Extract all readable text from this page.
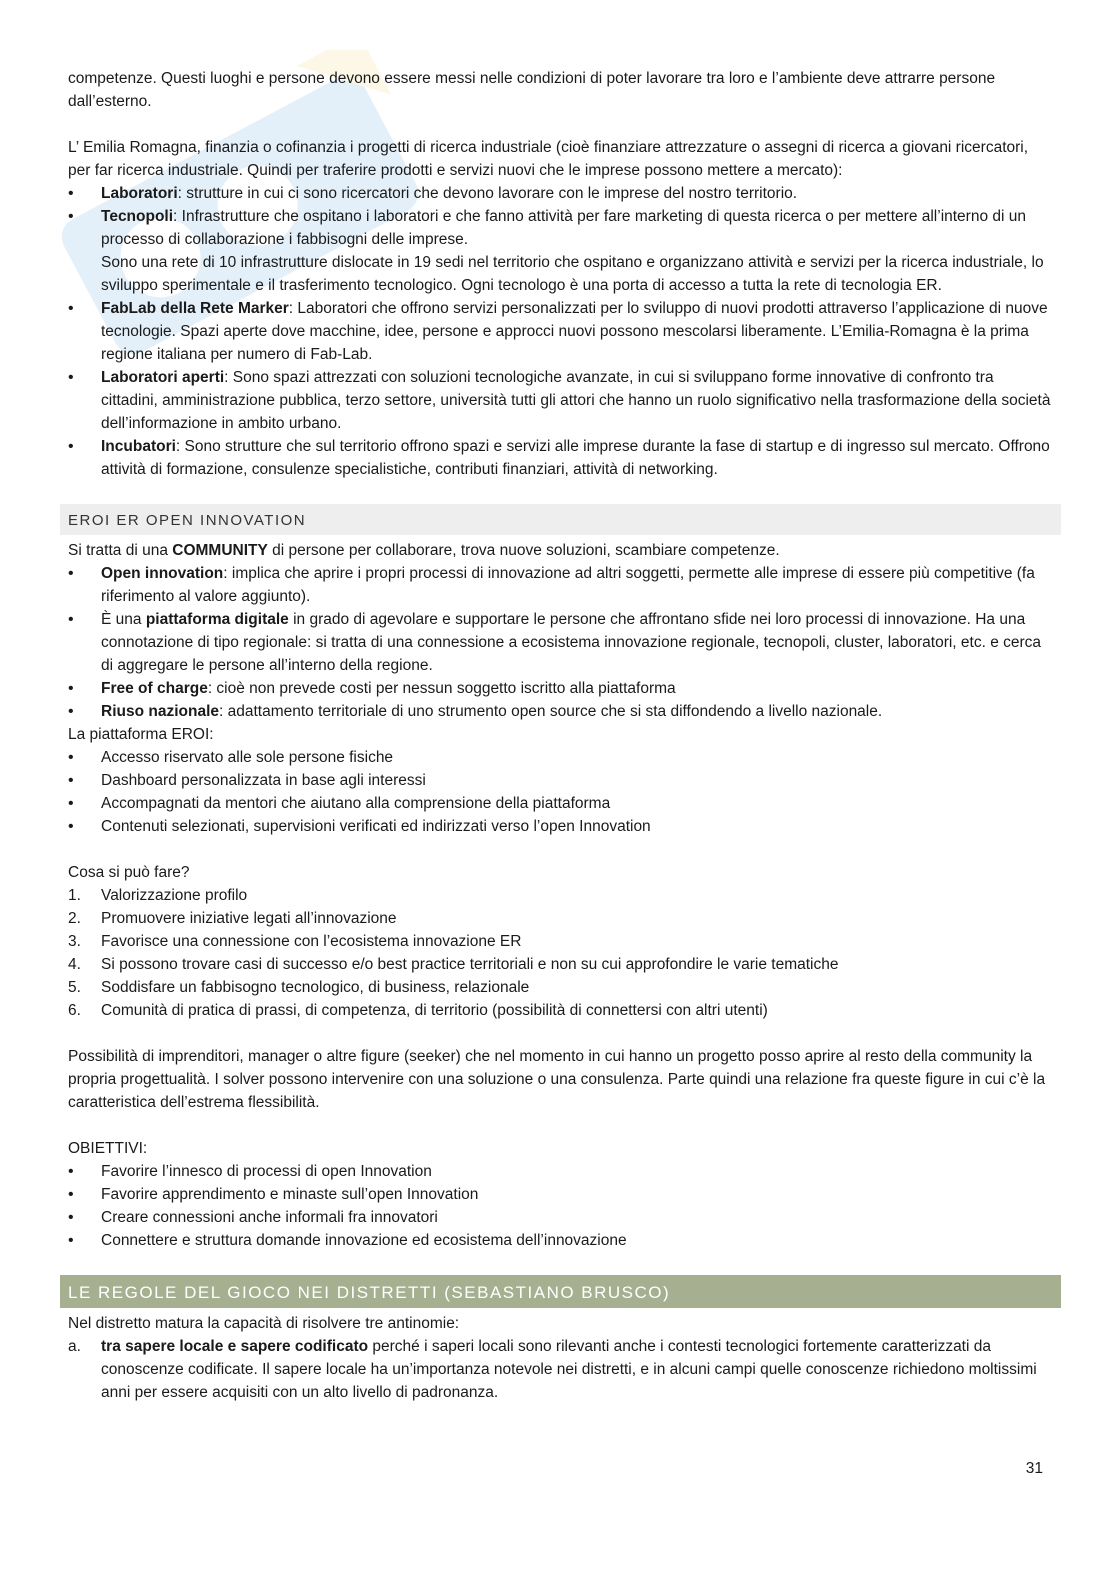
competenze. Questi luoghi e persone devono essere messi nelle condizioni di poter lavorare tra loro e l’ambiente deve attrarre persone dall’esterno.

L’ Emilia Romagna, finanzia o cofinanzia i progetti di ricerca industriale (cioè finanziare attrezzature o assegni di ricerca a giovani ricercatori, per far ricerca industriale. Quindi per traferire prodotti e servizi nuovi che le imprese possono mettere a mercato):

• Laboratori: strutture in cui ci sono ricercatori che devono lavorare con le imprese del nostro territorio.
• Tecnopoli: Infrastrutture che ospitano i laboratori e che fanno attività per fare marketing di questa ricerca o per mettere all’interno di un processo di collaborazione i fabbisogni delle imprese.
Sono una rete di 10 infrastrutture dislocate in 19 sedi nel territorio che ospitano e organizzano attività e servizi per la ricerca industriale, lo sviluppo sperimentale e il trasferimento tecnologico. Ogni tecnologo è una porta di accesso a tutta la rete di tecnologia ER.
• FabLab della Rete Marker: Laboratori che offrono servizi personalizzati per lo sviluppo di nuovi prodotti attraverso l’applicazione di nuove tecnologie. Spazi aperte dove macchine, idee, persone e approcci nuovi possono mescolarsi liberamente. L’Emilia-Romagna è la prima regione italiana per numero di Fab-Lab.
• Laboratori aperti: Sono spazi attrezzati con soluzioni tecnologiche avanzate, in cui si sviluppano forme innovative di confronto tra cittadini, amministrazione pubblica, terzo settore, università tutti gli attori che hanno un ruolo significativo nella trasformazione della società dell’informazione in ambito urbano.
• Incubatori: Sono strutture che sul territorio offrono spazi e servizi alle imprese durante la fase di startup e di ingresso sul mercato. Offrono attività di formazione, consulenze specialistiche, contributi finanziari, attività di networking.
EROI ER OPEN INNOVATION

Si tratta di una COMMUNITY di persone per collaborare, trova nuove soluzioni, scambiare competenze.

• Open innovation: implica che aprire i propri processi di innovazione ad altri soggetti, permette alle imprese di essere più competitive (fa riferimento al valore aggiunto).
• È una piattaforma digitale in grado di agevolare e supportare le persone che affrontano sfide nei loro processi di innovazione. Ha una connotazione di tipo regionale: si tratta di una connessione a ecosistema innovazione regionale, tecnopoli, cluster, laboratori, etc. e cerca di aggregare le persone all’interno della regione.
• Free of charge: cioè non prevede costi per nessun soggetto iscritto alla piattaforma
• Riuso nazionale: adattamento territoriale di uno strumento open source che si sta diffondendo a livello nazionale.

La piattaforma EROI:

• Accesso riservato alle sole persone fisiche
• Dashboard personalizzata in base agli interessi
• Accompagnati da mentori che aiutano alla comprensione della piattaforma
• Contenuti selezionati, supervisioni verificati ed indirizzati verso l’open Innovation

Cosa si può fare?

1. Valorizzazione profilo
2. Promuovere iniziative legati all’innovazione
3. Favorisce una connessione con l’ecosistema innovazione ER
4. Si possono trovare casi di successo e/o best practice territoriali e non su cui approfondire le varie tematiche
5. Soddisfare un fabbisogno tecnologico, di business, relazionale
6. Comunità di pratica di prassi, di competenza, di territorio (possibilità di connettersi con altri utenti)

Possibilità di imprenditori, manager o altre figure (seeker) che nel momento in cui hanno un progetto posso aprire al resto della community la propria progettualità. I solver possono intervenire con una soluzione o una consulenza. Parte quindi una relazione fra queste figure in cui c’è la caratteristica dell’estrema flessibilità.

OBIETTIVI:

• Favorire l’innesco di processi di open Innovation
• Favorire apprendimento e minaste sull’open Innovation
• Creare connessioni anche informali fra innovatori
• Connettere e struttura domande innovazione ed ecosistema dell’innovazione
LE REGOLE DEL GIOCO NEI DISTRETTI (SEBASTIANO BRUSCO)

Nel distretto matura la capacità di risolvere tre antinomie:

a. tra sapere locale e sapere codificato perché i saperi locali sono rilevanti anche i contesti tecnologici fortemente caratterizzati da conoscenze codificate. Il sapere locale ha un’importanza notevole nei distretti, e in alcuni campi quelle conoscenze richiedono moltissimi anni per essere acquisiti con un alto livello di padronanza.
31
